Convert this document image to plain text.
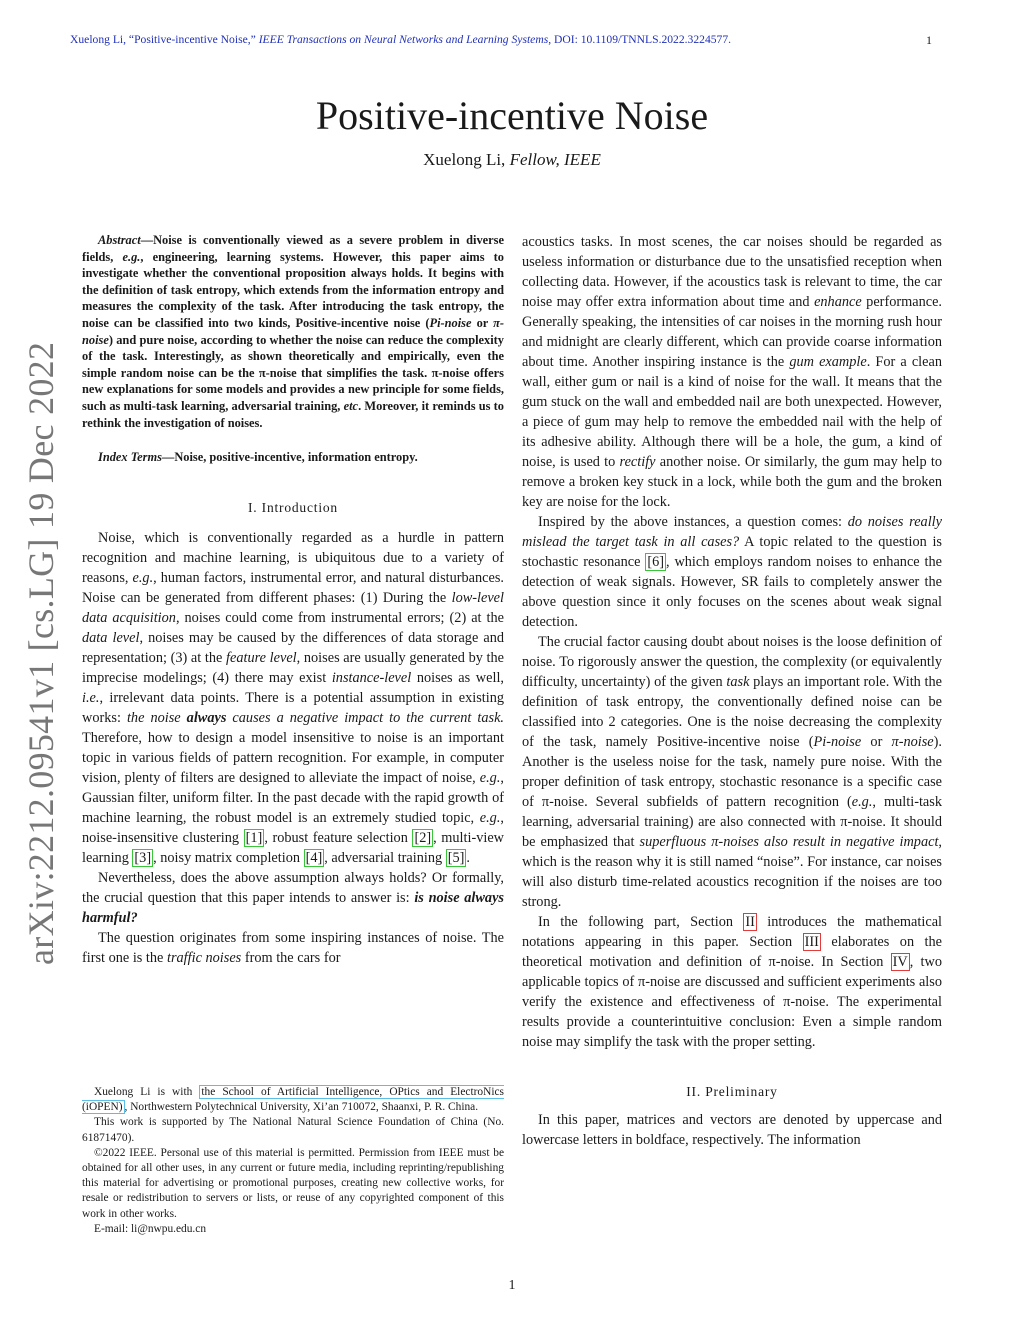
Xuelong Li, “Positive-incentive Noise,” IEEE Transactions on Neural Networks and Learning Systems, DOI: 10.1109/TNNLS.2022.3224577.	1
Positive-incentive Noise
Xuelong Li, Fellow, IEEE
arXiv:2212.09541v1 [cs.LG] 19 Dec 2022
Abstract—Noise is conventionally viewed as a severe problem in diverse fields, e.g., engineering, learning systems. However, this paper aims to investigate whether the conventional proposition always holds. It begins with the definition of task entropy, which extends from the information entropy and measures the complexity of the task. After introducing the task entropy, the noise can be classified into two kinds, Positive-incentive noise (Pi-noise or π-noise) and pure noise, according to whether the noise can reduce the complexity of the task. Interestingly, as shown theoretically and empirically, even the simple random noise can be the π-noise that simplifies the task. π-noise offers new explanations for some models and provides a new principle for some fields, such as multi-task learning, adversarial training, etc. Moreover, it reminds us to rethink the investigation of noises.
Index Terms—Noise, positive-incentive, information entropy.
I. Introduction

Noise, which is conventionally regarded as a hurdle in pattern recognition and machine learning, is ubiquitous due to a variety of reasons, e.g., human factors, instrumental error, and natural disturbances. Noise can be generated from different phases: (1) During the low-level data acquisition, noises could come from instrumental errors; (2) at the data level, noises may be caused by the differences of data storage and representation; (3) at the feature level, noises are usually generated by the imprecise modelings; (4) there may exist instance-level noises as well, i.e., irrelevant data points. There is a potential assumption in existing works: the noise always causes a negative impact to the current task. Therefore, how to design a model insensitive to noise is an important topic in various fields of pattern recognition. For example, in computer vision, plenty of filters are designed to alleviate the impact of noise, e.g., Gaussian filter, uniform filter. In the past decade with the rapid growth of machine learning, the robust model is an extremely studied topic, e.g., noise-insensitive clustering [1] , robust feature selection [2] , multi-view learning [3] , noisy matrix completion [4] , adversarial training [5] .

Nevertheless, does the above assumption always holds? Or formally, the crucial question that this paper intends to answer is: is noise always harmful?

The question originates from some inspiring instances of noise. The first one is the traffic noises from the cars for

Xuelong Li is with the School of Artificial Intelligence, OPtics and ElectroNics (iOPEN) , Northwestern Polytechnical University, Xi’an 710072, Shaanxi, P. R. China.

This work is supported by The National Natural Science Foundation of China (No. 61871470).

©2022 IEEE. Personal use of this material is permitted. Permission from IEEE must be obtained for all other uses, in any current or future media, including reprinting/republishing this material for advertising or promotional purposes, creating new collective works, for resale or redistribution to servers or lists, or reuse of any copyrighted component of this work in other works.

E-mail: li@nwpu.edu.cn

acoustics tasks. In most scenes, the car noises should be regarded as useless information or disturbance due to the unsatisfied reception when collecting data. However, if the acoustics task is relevant to time, the car noise may offer extra information about time and enhance performance. Generally speaking, the intensities of car noises in the morning rush hour and midnight are clearly different, which can provide coarse information about time. Another inspiring instance is the gum example. For a clean wall, either gum or nail is a kind of noise for the wall. It means that the gum stuck on the wall and embedded nail are both unexpected. However, a piece of gum may help to remove the embedded nail with the help of its adhesive ability. Although there will be a hole, the gum, a kind of noise, is used to rectify another noise. Or similarly, the gum may help to remove a broken key stuck in a lock, while both the gum and the broken key are noise for the lock.

Inspired by the above instances, a question comes: do noises really mislead the target task in all cases? A topic related to the question is stochastic resonance [6] , which employs random noises to enhance the detection of weak signals. However, SR fails to completely answer the above question since it only focuses on the scenes about weak signal detection.

The crucial factor causing doubt about noises is the loose definition of noise. To rigorously answer the question, the complexity (or equivalently difficulty, uncertainty) of the given task plays an important role. With the definition of task entropy, the conventionally defined noise can be classified into 2 categories. One is the noise decreasing the complexity of the task, namely Positive-incentive noise (Pi-noise or π-noise). Another is the useless noise for the task, namely pure noise. With the proper definition of task entropy, stochastic resonance is a specific case of π-noise. Several subfields of pattern recognition (e.g., multi-task learning, adversarial training) are also connected with π-noise. It should be emphasized that superfluous π-noises also result in negative impact, which is the reason why it is still named “noise”. For instance, car noises will also disturb time-related acoustics recognition if the noises are too strong.

In the following part, Section II introduces the mathematical notations appearing in this paper. Section III elaborates on the theoretical motivation and definition of π-noise. In Section IV , two applicable topics of π-noise are discussed and sufficient experiments also verify the existence and effectiveness of π-noise. The experimental results provide a counterintuitive conclusion: Even a simple random noise may simplify the task with the proper setting.

II. Preliminary

In this paper, matrices and vectors are denoted by uppercase and lowercase letters in boldface, respectively. The information

1
